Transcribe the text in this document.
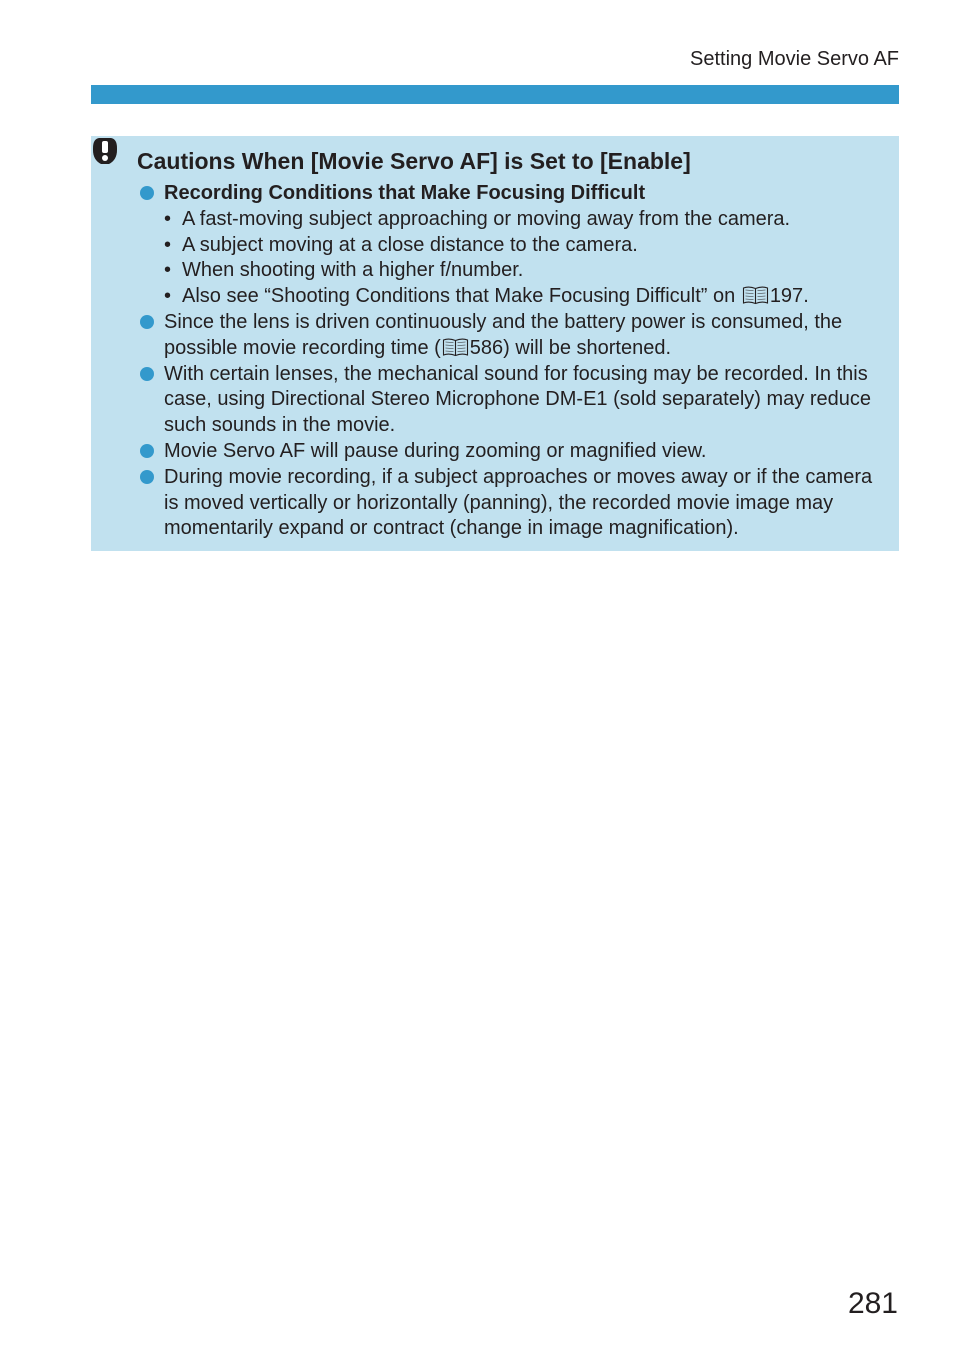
Setting Movie Servo AF
Cautions When [Movie Servo AF] is Set to [Enable]
Recording Conditions that Make Focusing Difficult
• A fast-moving subject approaching or moving away from the camera.
• A subject moving at a close distance to the camera.
• When shooting with a higher f/number.
• Also see “Shooting Conditions that Make Focusing Difficult” on
197.
Since the lens is driven continuously and the battery power is consumed, the possible movie recording time ( 586) will be shortened.
With certain lenses, the mechanical sound for focusing may be recorded. In this case, using Directional Stereo Microphone DM-E1 (sold separately) may reduce such sounds in the movie.
Movie Servo AF will pause during zooming or magnified view.
During movie recording, if a subject approaches or moves away or if the camera is moved vertically or horizontally (panning), the recorded movie image may momentarily expand or contract (change in image magnification).
281
